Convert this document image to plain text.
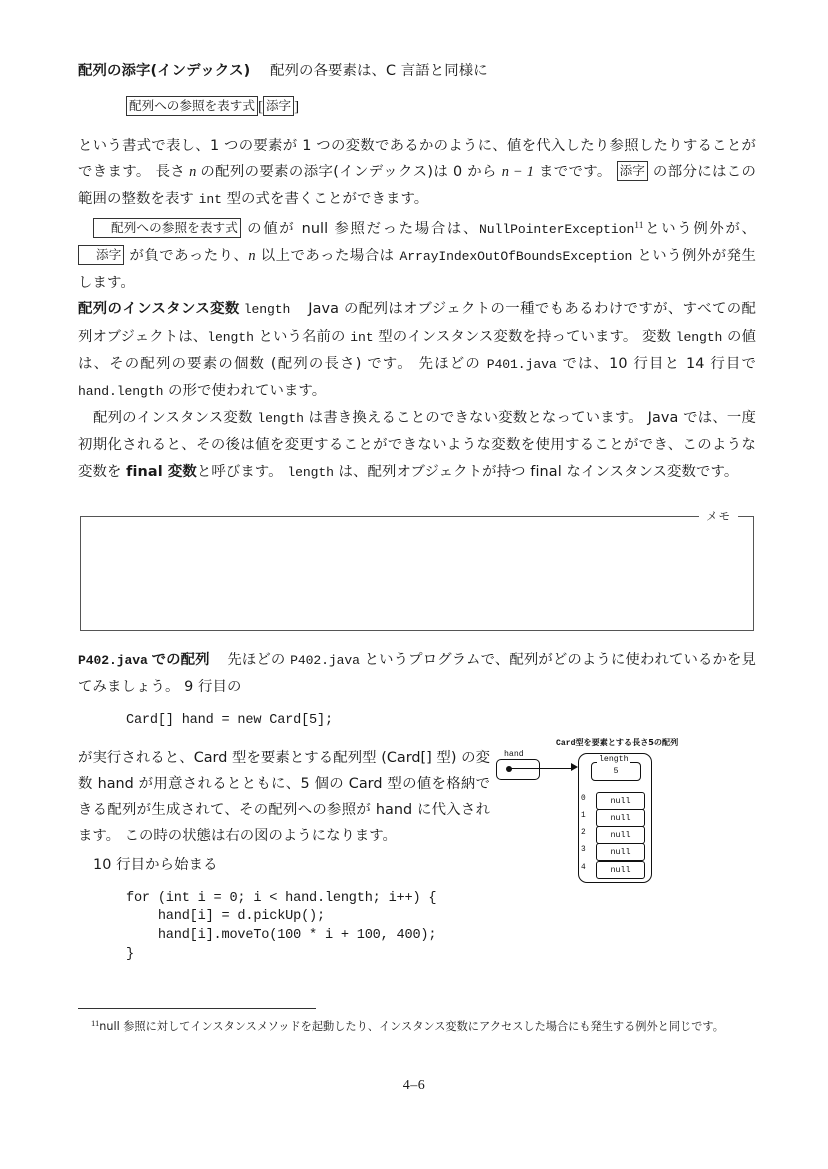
配列の添字(インデックス) 配列の各要素は、C 言語と同様に

配列への参照を表す式 [ 添字 ]

という書式で表し、1 つの要素が 1 つの変数であるかのように、値を代入したり参照したりすることができます。 長さ n の配列の要素の添字(インデックス)は 0 から n − 1 までです。 添字 の部分にはこの範囲の整数を表す int 型の式を書くことができます。

配列への参照を表す式 の値が null 参照だった場合は、NullPointerException$^{11}$という例外が、添字 が負であったり、n 以上であった場合は ArrayIndexOutOfBoundsException という例外が発生します。

配列のインスタンス変数 length Java の配列はオブジェクトの一種でもあるわけですが、すべての配列オブジェクトは、length という名前の int 型のインスタンス変数を持っています。 変数 length の値は、その配列の要素の個数 (配列の長さ) です。 先ほどの P401.java では、10 行目と 14 行目で hand.length の形で使われています。

配列のインスタンス変数 length は書き換えることのできない変数となっています。 Java では、一度初期化されると、その後は値を変更することができないような変数を使用することができ、このような変数を final 変数と呼びます。 length は、配列オブジェクトが持つ final なインスタンス変数です。

メモ

P402.java での配列 先ほどの P402.java というプログラムで、配列がどのように使われているかを見てみましょう。 9 行目の

Card[] hand = new Card[5];
が実行されると、Card 型を要素とする配列型 (Card[] 型) の変数 hand が用意されるとともに、5 個の Card 型の値を格納できる配列が生成されて、その配列への参照が hand に代入されます。 この時の状態は右の図のようになります。
Card型を要素とする長さ5の配列
hand
5
length
0	null
1	null
2	null
3	null
4	null

10 行目から始まる

for (int i = 0; i < hand.length; i++) {
hand[i] = d.pickUp();
hand[i].moveTo(100 * i + 100, 400);
}
$^{11}$null 参照に対してインスタンスメソッドを起動したり、インスタンス変数にアクセスした場合にも発生する例外と同じです。
4–6
